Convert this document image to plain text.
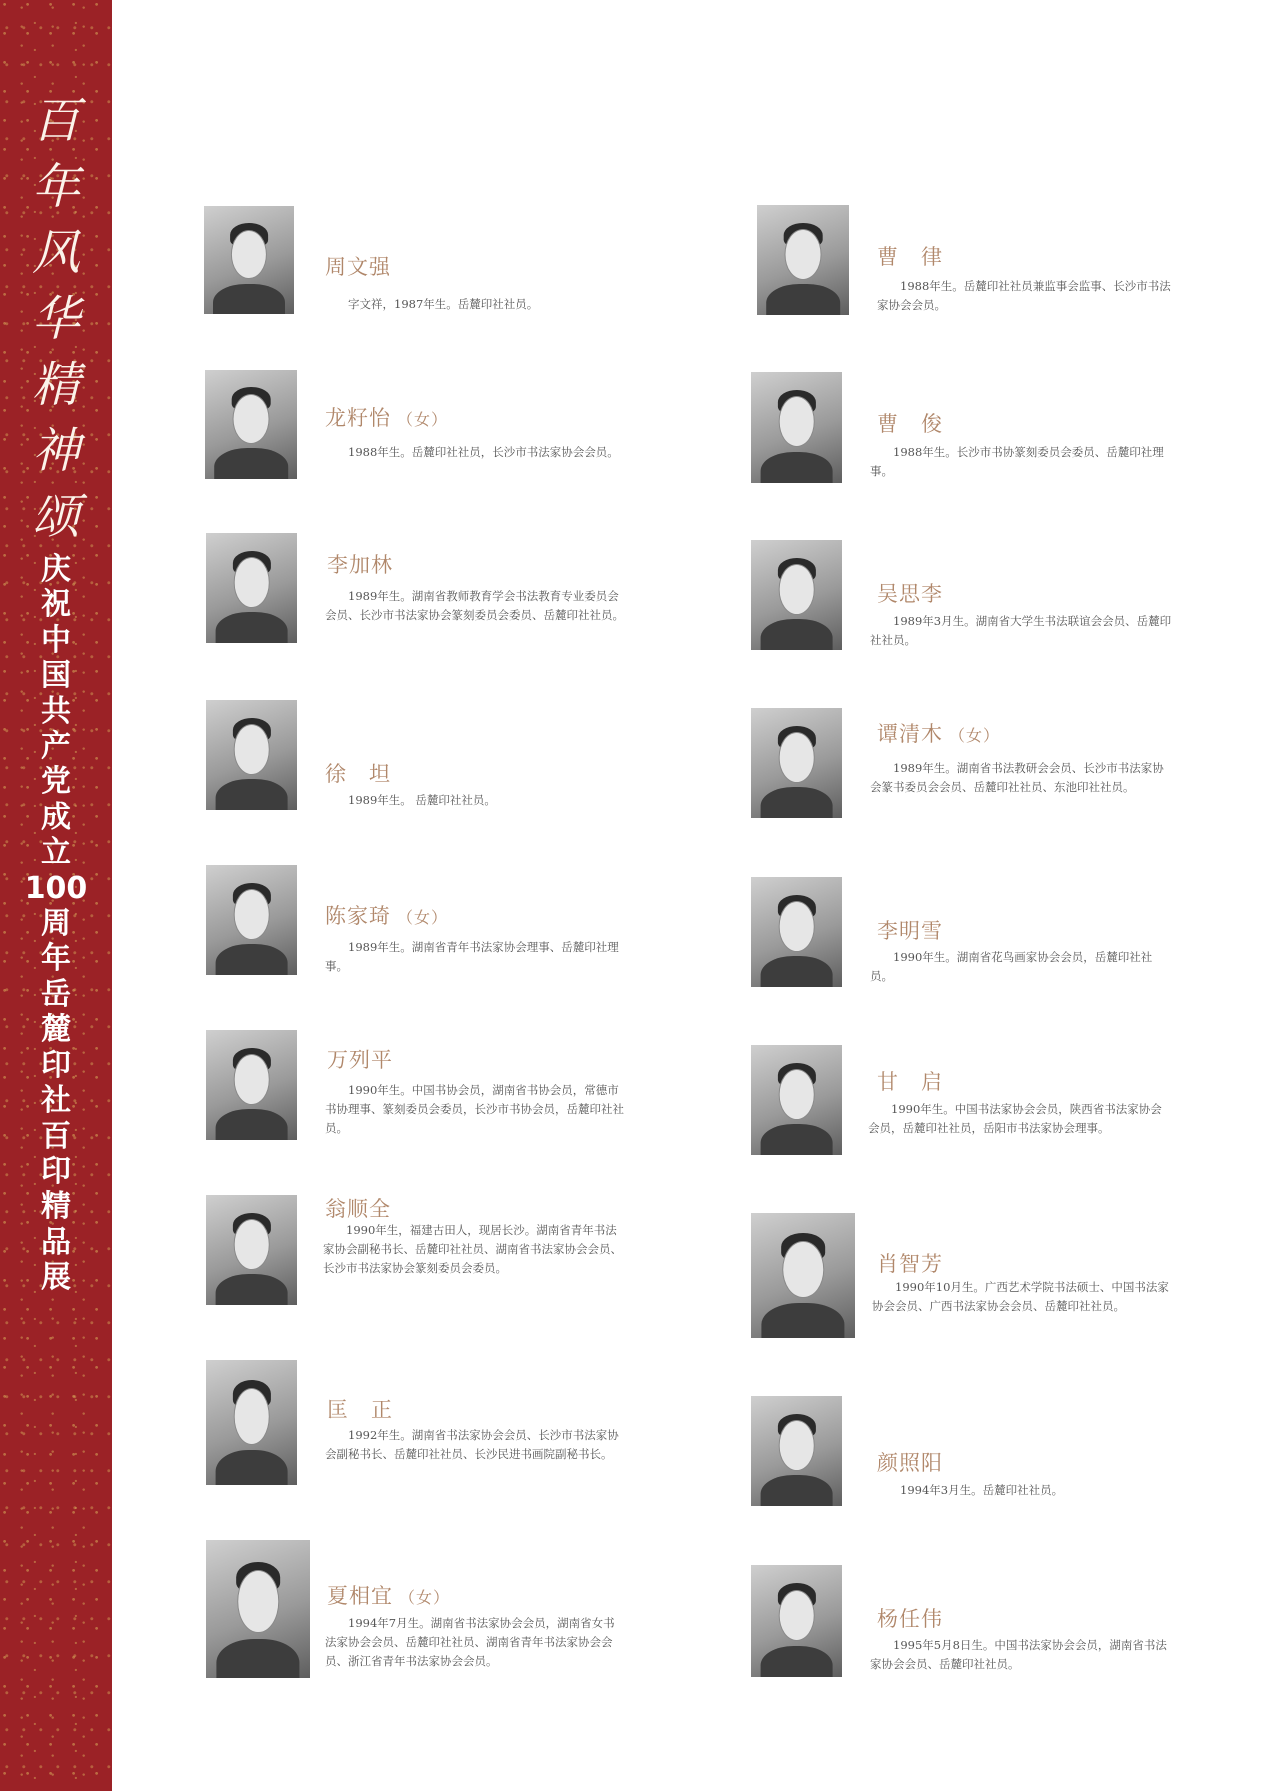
百
年
风
华
精
神
颂
庆
祝
中
国
共
产
党
成
立
100
周
年
岳
麓
印
社
百
印
精
品
展
周文强
字文祥，1987年生。岳麓印社社员。
龙籽怡 （女）
1988年生。岳麓印社社员，长沙市书法家协会会员。
李加林
1989年生。湖南省教师教育学会书法教育专业委员会会员、长沙市书法家协会篆刻委员会委员、岳麓印社社员。
徐　坦
1989年生。 岳麓印社社员。
陈家琦 （女）
1989年生。湖南省青年书法家协会理事、岳麓印社理事。
万列平
1990年生。中国书协会员，湖南省书协会员，常德市书协理事、篆刻委员会委员，长沙市书协会员，岳麓印社社员。
翁顺全
1990年生，福建古田人，现居长沙。湖南省青年书法家协会副秘书长、岳麓印社社员、湖南省书法家协会会员、长沙市书法家协会篆刻委员会委员。
匡　正
1992年生。湖南省书法家协会会员、长沙市书法家协会副秘书长、岳麓印社社员、长沙民进书画院副秘书长。
夏相宜 （女）
1994年7月生。湖南省书法家协会会员，湖南省女书法家协会会员、岳麓印社社员、湖南省青年书法家协会会员、浙江省青年书法家协会会员。
曹　律
1988年生。岳麓印社社员兼监事会监事、长沙市书法家协会会员。
曹　俊
1988年生。长沙市书协篆刻委员会委员、岳麓印社理事。
吴思李
1989年3月生。湖南省大学生书法联谊会会员、岳麓印社社员。
谭清木 （女）
1989年生。湖南省书法教研会会员、长沙市书法家协会篆书委员会会员、岳麓印社社员、东池印社社员。
李明雪
1990年生。湖南省花鸟画家协会会员，岳麓印社社员。
甘　启
1990年生。中国书法家协会会员，陕西省书法家协会会员，岳麓印社社员，岳阳市书法家协会理事。
肖智芳
1990年10月生。广西艺术学院书法硕士、中国书法家协会会员、广西书法家协会会员、岳麓印社社员。
颜照阳
1994年3月生。岳麓印社社员。
杨任伟
1995年5月8日生。中国书法家协会会员，湖南省书法家协会会员、岳麓印社社员。
